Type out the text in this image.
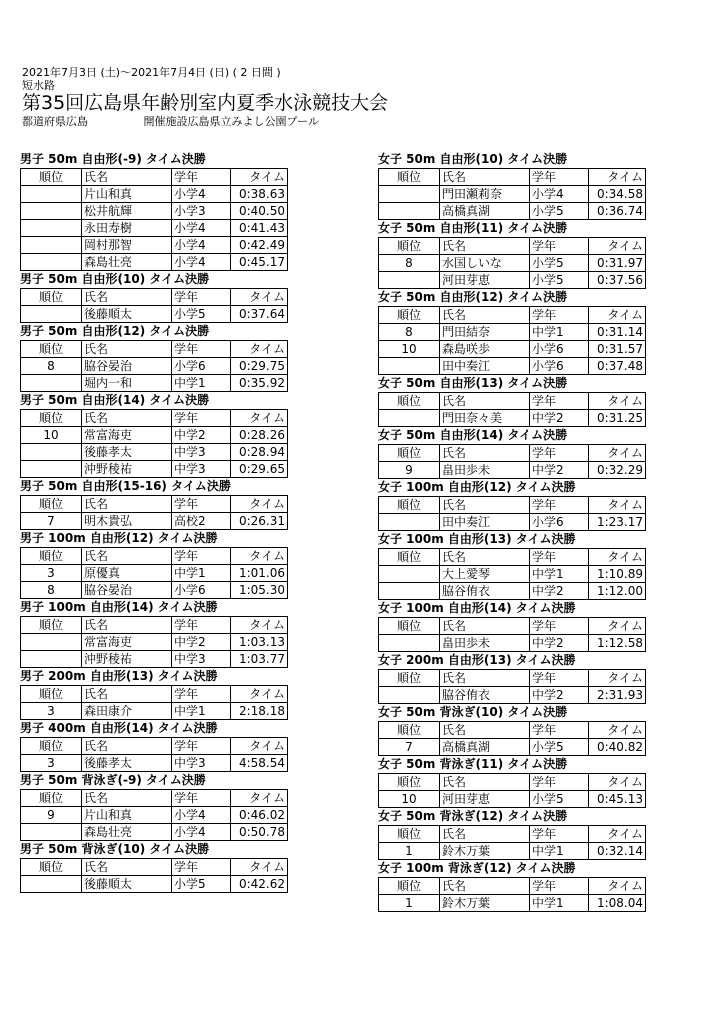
2021年7月3日 (土)～2021年7月4日 (日) ( 2 日間 )
短水路
第35回広島県年齢別室内夏季水泳競技大会
都道府県広島	開催施設広島県立みよし公園プール
男子 50m 自由形(-9) タイム決勝
順位	氏名	学年	タイム
	片山和真	小学4	0:38.63
	松井航輝	小学3	0:40.50
	永田寿樹	小学4	0:41.43
	岡村那智	小学4	0:42.49
	森島壮亮	小学4	0:45.17
男子 50m 自由形(10) タイム決勝
順位	氏名	学年	タイム
	後藤順太	小学5	0:37.64
男子 50m 自由形(12) タイム決勝
順位	氏名	学年	タイム
8	脇谷晏治	小学6	0:29.75
	堀内一和	中学1	0:35.92
男子 50m 自由形(14) タイム決勝
順位	氏名	学年	タイム
10	常富海吏	中学2	0:28.26
	後藤孝太	中学3	0:28.94
	沖野稜祐	中学3	0:29.65
男子 50m 自由形(15-16) タイム決勝
順位	氏名	学年	タイム
7	明木貴弘	高校2	0:26.31
男子 100m 自由形(12) タイム決勝
順位	氏名	学年	タイム
3	原優真	中学1	1:01.06
8	脇谷晏治	小学6	1:05.30
男子 100m 自由形(14) タイム決勝
順位	氏名	学年	タイム
	常富海吏	中学2	1:03.13
	沖野稜祐	中学3	1:03.77
男子 200m 自由形(13) タイム決勝
順位	氏名	学年	タイム
3	森田康介	中学1	2:18.18
男子 400m 自由形(14) タイム決勝
順位	氏名	学年	タイム
3	後藤孝太	中学3	4:58.54
男子 50m 背泳ぎ(-9) タイム決勝
順位	氏名	学年	タイム
9	片山和真	小学4	0:46.02
	森島壮亮	小学4	0:50.78
男子 50m 背泳ぎ(10) タイム決勝
順位	氏名	学年	タイム
	後藤順太	小学5	0:42.62
女子 50m 自由形(10) タイム決勝
順位	氏名	学年	タイム
	門田瀬莉奈	小学4	0:34.58
	高橋真湖	小学5	0:36.74
女子 50m 自由形(11) タイム決勝
順位	氏名	学年	タイム
8	水国しいな	小学5	0:31.97
	河田芽恵	小学5	0:37.56
女子 50m 自由形(12) タイム決勝
順位	氏名	学年	タイム
8	門田結奈	中学1	0:31.14
10	森島咲歩	小学6	0:31.57
	田中奏江	小学6	0:37.48
女子 50m 自由形(13) タイム決勝
順位	氏名	学年	タイム
	門田奈々美	中学2	0:31.25
女子 50m 自由形(14) タイム決勝
順位	氏名	学年	タイム
9	畠田歩未	中学2	0:32.29
女子 100m 自由形(12) タイム決勝
順位	氏名	学年	タイム
	田中奏江	小学6	1:23.17
女子 100m 自由形(13) タイム決勝
順位	氏名	学年	タイム
	大上愛琴	中学1	1:10.89
	脇谷侑衣	中学2	1:12.00
女子 100m 自由形(14) タイム決勝
順位	氏名	学年	タイム
	畠田歩未	中学2	1:12.58
女子 200m 自由形(13) タイム決勝
順位	氏名	学年	タイム
	脇谷侑衣	中学2	2:31.93
女子 50m 背泳ぎ(10) タイム決勝
順位	氏名	学年	タイム
7	高橋真湖	小学5	0:40.82
女子 50m 背泳ぎ(11) タイム決勝
順位	氏名	学年	タイム
10	河田芽恵	小学5	0:45.13
女子 50m 背泳ぎ(12) タイム決勝
順位	氏名	学年	タイム
1	鈴木万葉	中学1	0:32.14
女子 100m 背泳ぎ(12) タイム決勝
順位	氏名	学年	タイム
1	鈴木万葉	中学1	1:08.04
